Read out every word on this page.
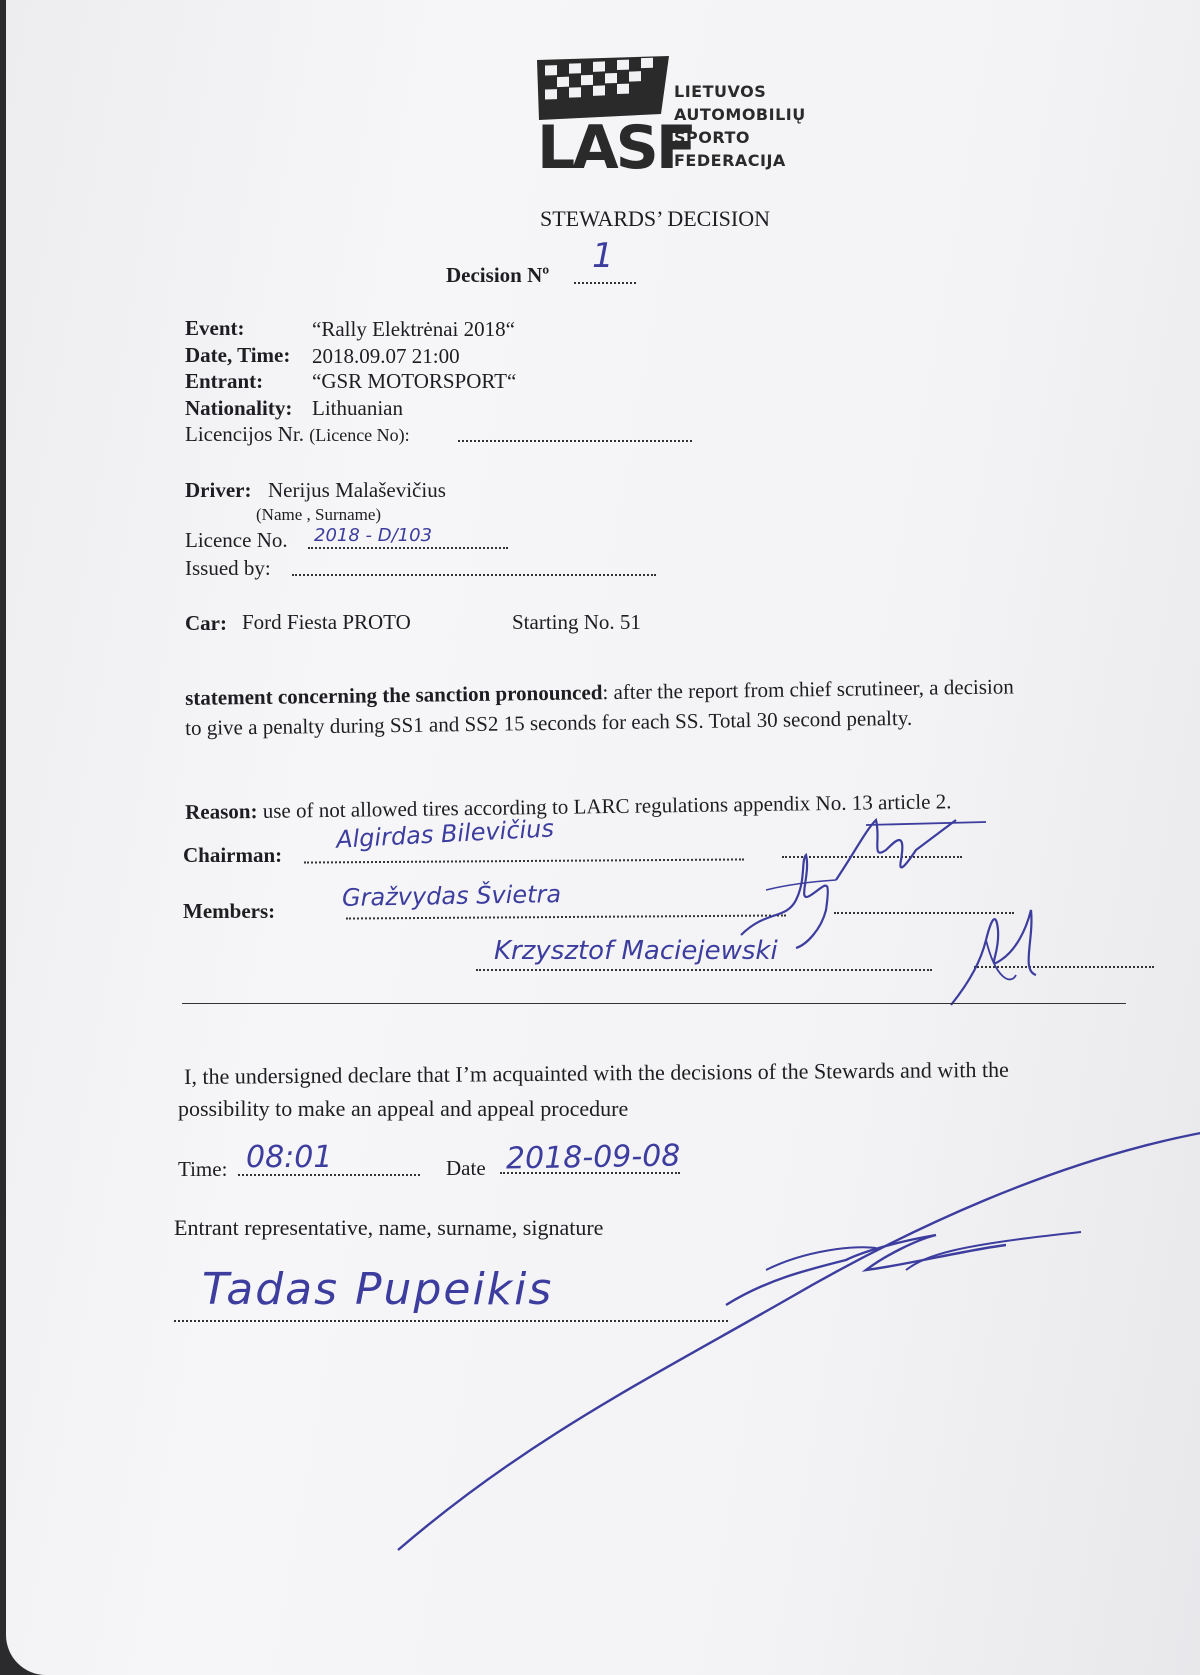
LASF
LIETUVOS
AUTOMOBILIŲ
SPORTO
FEDERACIJA
STEWARDS’ DECISION
Decision Nº 1
Event:	“Rally Elektrėnai 2018“
Date, Time: 2018.09.07 21:00
Entrant: “GSR MOTORSPORT“
Nationality: Lithuanian
Licencijos Nr. (Licence No):
Driver: Nerijus Malaševičius
(Name , Surname)
Licence No. 2018 - D/103
Issued by:
Car: Ford Fiesta PROTO	Starting No. 51
statement concerning the sanction pronounced: after the report from chief scrutineer, a decision
to give a penalty during SS1 and SS2 15 seconds for each SS. Total 30 second penalty.
Reason: use of not allowed tires according to LARC regulations appendix No. 13 article 2.
Chairman:
Algirdas Bilevičius
Members:	Gražvydas Švietra
Krzysztof Maciejewski
I, the undersigned declare that I’m acquainted with the decisions of the Stewards and with the
possibility to make an appeal and appeal procedure
Time: 08:01	Date 2018-09-08
Entrant representative, name, surname, signature
Tadas Pupeikis
